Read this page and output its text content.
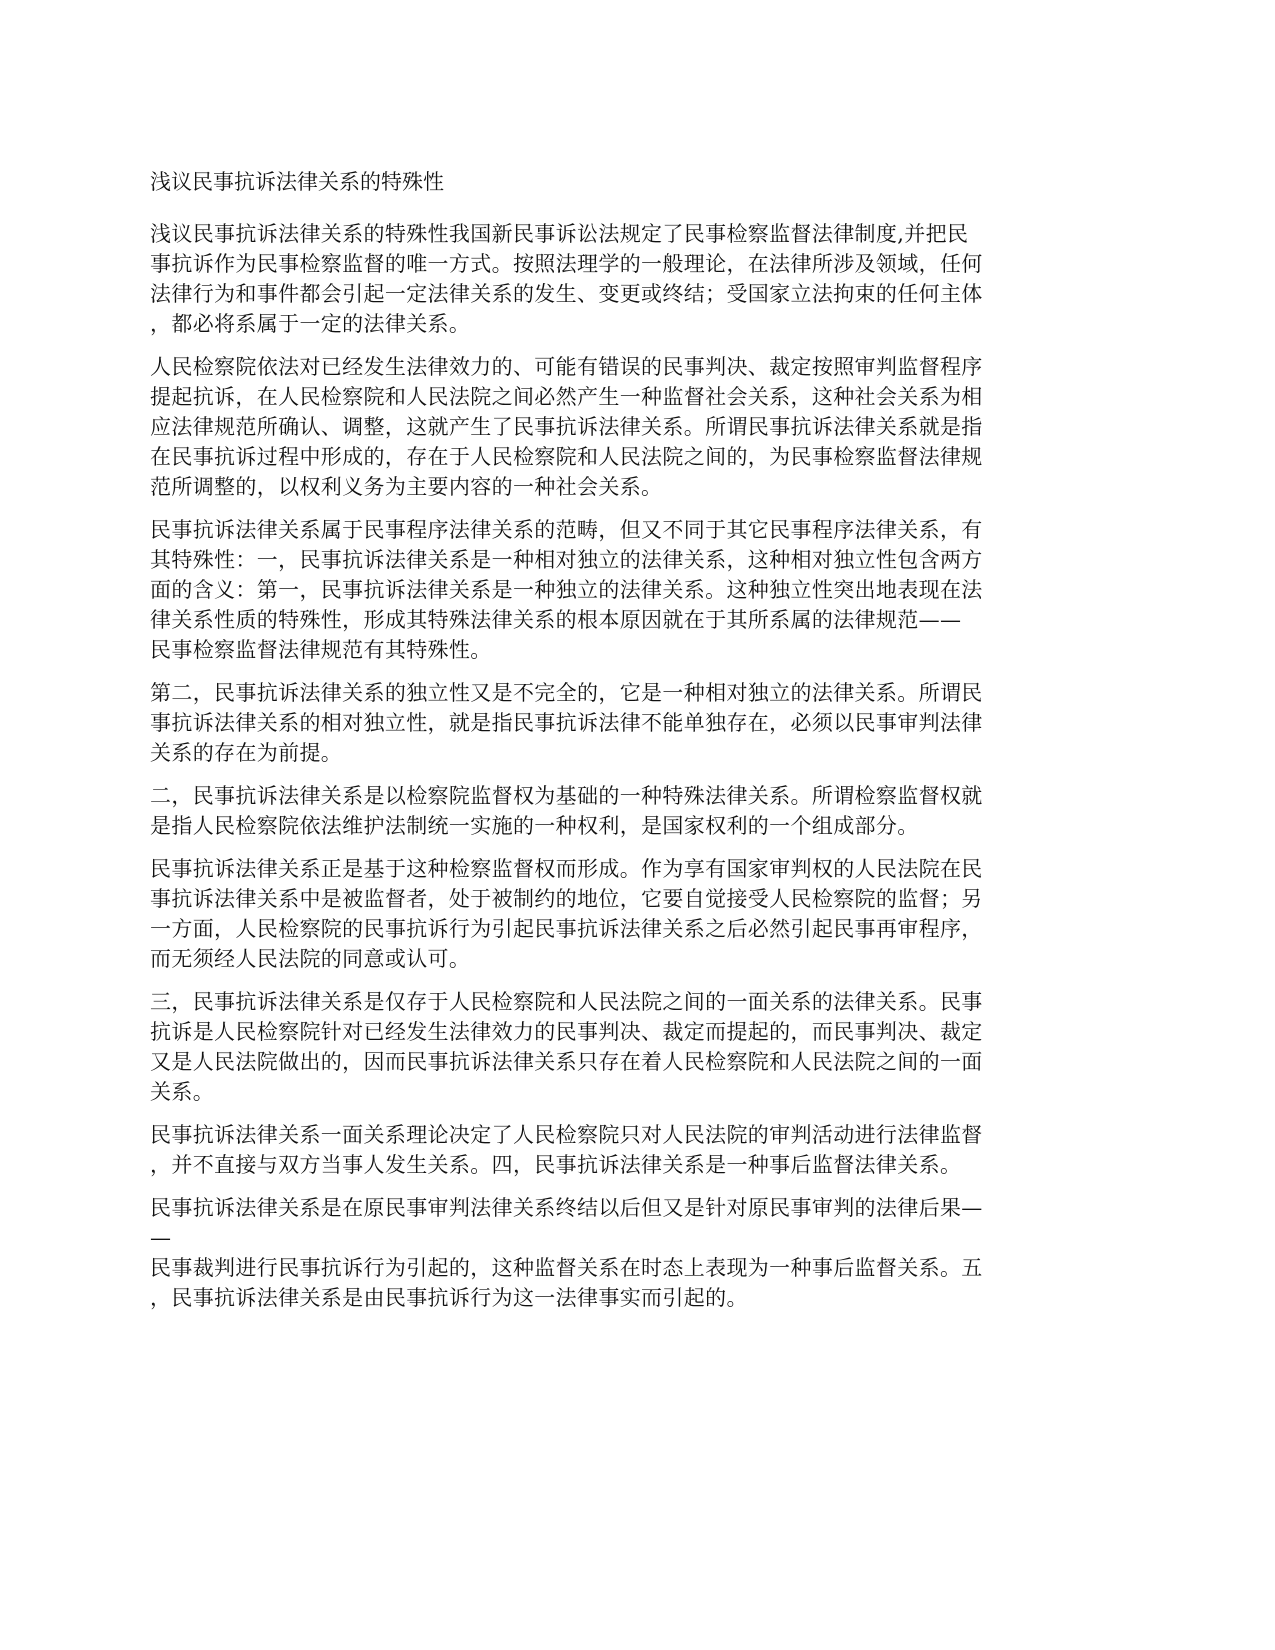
浅议民事抗诉法律关系的特殊性
浅议民事抗诉法律关系的特殊性我国新民事诉讼法规定了民事检察监督法律制度,并把民
事抗诉作为民事检察监督的唯一方式。按照法理学的一般理论，在法律所涉及领域，任何
法律行为和事件都会引起一定法律关系的发生、变更或终结；受国家立法拘束的任何主体
，都必将系属于一定的法律关系。
人民检察院依法对已经发生法律效力的、可能有错误的民事判决、裁定按照审判监督程序
提起抗诉，在人民检察院和人民法院之间必然产生一种监督社会关系，这种社会关系为相
应法律规范所确认、调整，这就产生了民事抗诉法律关系。所谓民事抗诉法律关系就是指
在民事抗诉过程中形成的，存在于人民检察院和人民法院之间的，为民事检察监督法律规
范所调整的，以权利义务为主要内容的一种社会关系。
民事抗诉法律关系属于民事程序法律关系的范畴，但又不同于其它民事程序法律关系，有
其特殊性：一，民事抗诉法律关系是一种相对独立的法律关系，这种相对独立性包含两方
面的含义：第一，民事抗诉法律关系是一种独立的法律关系。这种独立性突出地表现在法
律关系性质的特殊性，形成其特殊法律关系的根本原因就在于其所系属的法律规范——
民事检察监督法律规范有其特殊性。
第二，民事抗诉法律关系的独立性又是不完全的，它是一种相对独立的法律关系。所谓民
事抗诉法律关系的相对独立性，就是指民事抗诉法律不能单独存在，必须以民事审判法律
关系的存在为前提。
二，民事抗诉法律关系是以检察院监督权为基础的一种特殊法律关系。所谓检察监督权就
是指人民检察院依法维护法制统一实施的一种权利，是国家权利的一个组成部分。
民事抗诉法律关系正是基于这种检察监督权而形成。作为享有国家审判权的人民法院在民
事抗诉法律关系中是被监督者，处于被制约的地位，它要自觉接受人民检察院的监督；另
一方面，人民检察院的民事抗诉行为引起民事抗诉法律关系之后必然引起民事再审程序，
而无须经人民法院的同意或认可。
三，民事抗诉法律关系是仅存于人民检察院和人民法院之间的一面关系的法律关系。民事
抗诉是人民检察院针对已经发生法律效力的民事判决、裁定而提起的，而民事判决、裁定
又是人民法院做出的，因而民事抗诉法律关系只存在着人民检察院和人民法院之间的一面
关系。
民事抗诉法律关系一面关系理论决定了人民检察院只对人民法院的审判活动进行法律监督
，并不直接与双方当事人发生关系。四，民事抗诉法律关系是一种事后监督法律关系。
民事抗诉法律关系是在原民事审判法律关系终结以后但又是针对原民事审判的法律后果—
—
民事裁判进行民事抗诉行为引起的，这种监督关系在时态上表现为一种事后监督关系。五
，民事抗诉法律关系是由民事抗诉行为这一法律事实而引起的。
